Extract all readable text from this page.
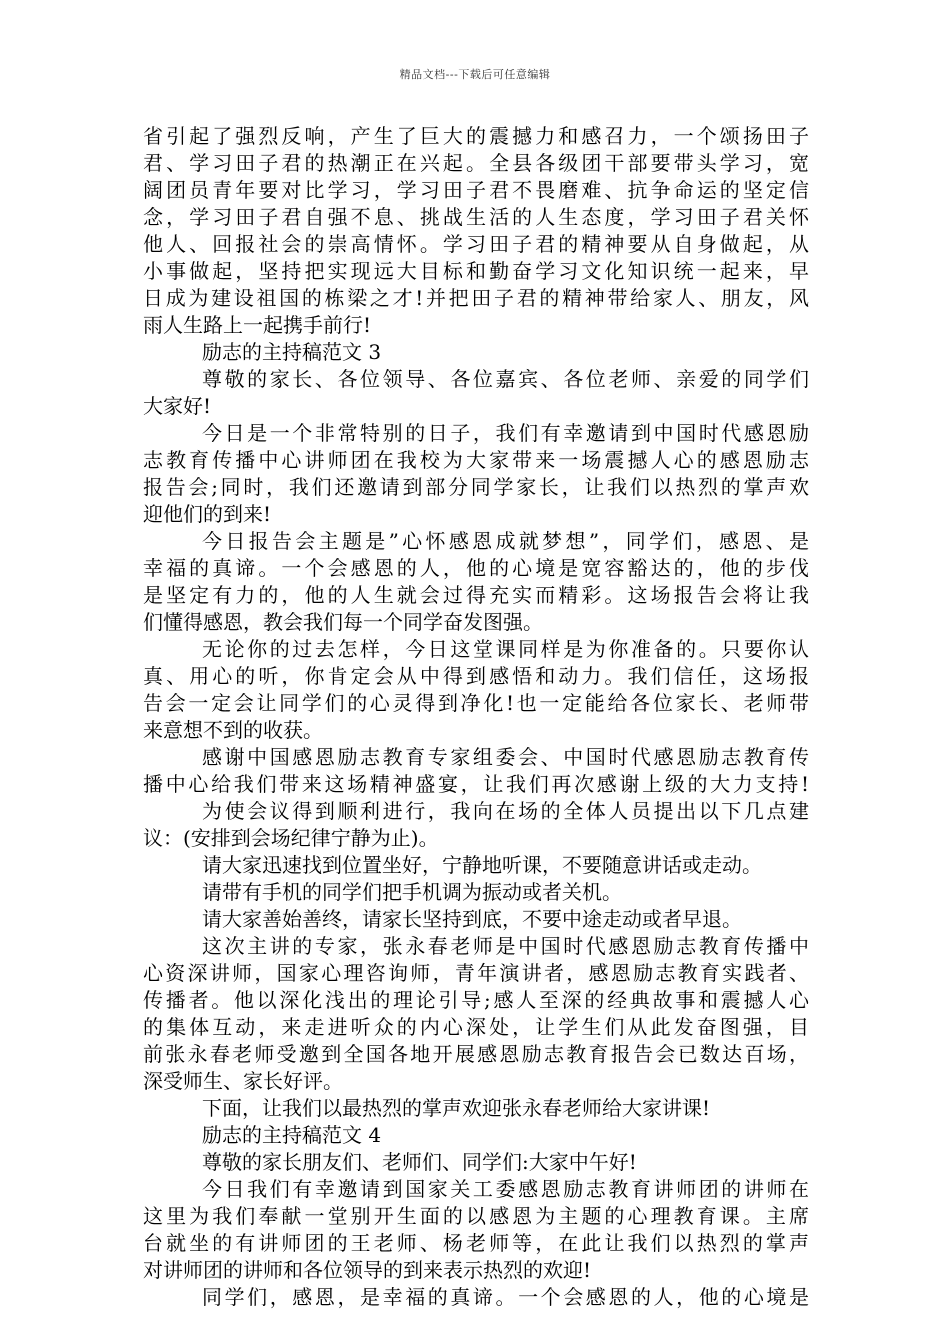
精品文档---下载后可任意编辑
省引起了强烈反响，产生了巨大的震撼力和感召力，一个颂扬田子
君、学习田子君的热潮正在兴起。全县各级团干部要带头学习，宽
阔团员青年要对比学习，学习田子君不畏磨难、抗争命运的坚定信
念，学习田子君自强不息、挑战生活的人生态度，学习田子君关怀
他人、回报社会的崇高情怀。学习田子君的精神要从自身做起，从
小事做起，坚持把实现远大目标和勤奋学习文化知识统一起来，早
日成为建设祖国的栋梁之才!并把田子君的精神带给家人、朋友，风
雨人生路上一起携手前行!
励志的主持稿范文 3
尊敬的家长、各位领导、各位嘉宾、各位老师、亲爱的同学们
大家好!
今日是一个非常特别的日子，我们有幸邀请到中国时代感恩励
志教育传播中心讲师团在我校为大家带来一场震撼人心的感恩励志
报告会;同时，我们还邀请到部分同学家长，让我们以热烈的掌声欢
迎他们的到来!
今日报告会主题是”心怀感恩成就梦想”，同学们，感恩、是
幸福的真谛。一个会感恩的人，他的心境是宽容豁达的，他的步伐
是坚定有力的，他的人生就会过得充实而精彩。这场报告会将让我
们懂得感恩，教会我们每一个同学奋发图强。
无论你的过去怎样，今日这堂课同样是为你准备的。只要你认
真、用心的听，你肯定会从中得到感悟和动力。我们信任，这场报
告会一定会让同学们的心灵得到净化!也一定能给各位家长、老师带
来意想不到的收获。
感谢中国感恩励志教育专家组委会、中国时代感恩励志教育传
播中心给我们带来这场精神盛宴，让我们再次感谢上级的大力支持!
为使会议得到顺利进行，我向在场的全体人员提出以下几点建
议：(安排到会场纪律宁静为止)。
请大家迅速找到位置坐好，宁静地听课，不要随意讲话或走动。
请带有手机的同学们把手机调为振动或者关机。
请大家善始善终，请家长坚持到底，不要中途走动或者早退。
这次主讲的专家，张永春老师是中国时代感恩励志教育传播中
心资深讲师，国家心理咨询师，青年演讲者，感恩励志教育实践者、
传播者。他以深化浅出的理论引导;感人至深的经典故事和震撼人心
的集体互动，来走进听众的内心深处，让学生们从此发奋图强，目
前张永春老师受邀到全国各地开展感恩励志教育报告会已数达百场，
深受师生、家长好评。
下面，让我们以最热烈的掌声欢迎张永春老师给大家讲课!
励志的主持稿范文 4
尊敬的家长朋友们、老师们、同学们:大家中午好!
今日我们有幸邀请到国家关工委感恩励志教育讲师团的讲师在
这里为我们奉献一堂别开生面的以感恩为主题的心理教育课。主席
台就坐的有讲师团的王老师、杨老师等，在此让我们以热烈的掌声
对讲师团的讲师和各位领导的到来表示热烈的欢迎!
同学们，感恩，是幸福的真谛。一个会感恩的人，他的心境是
